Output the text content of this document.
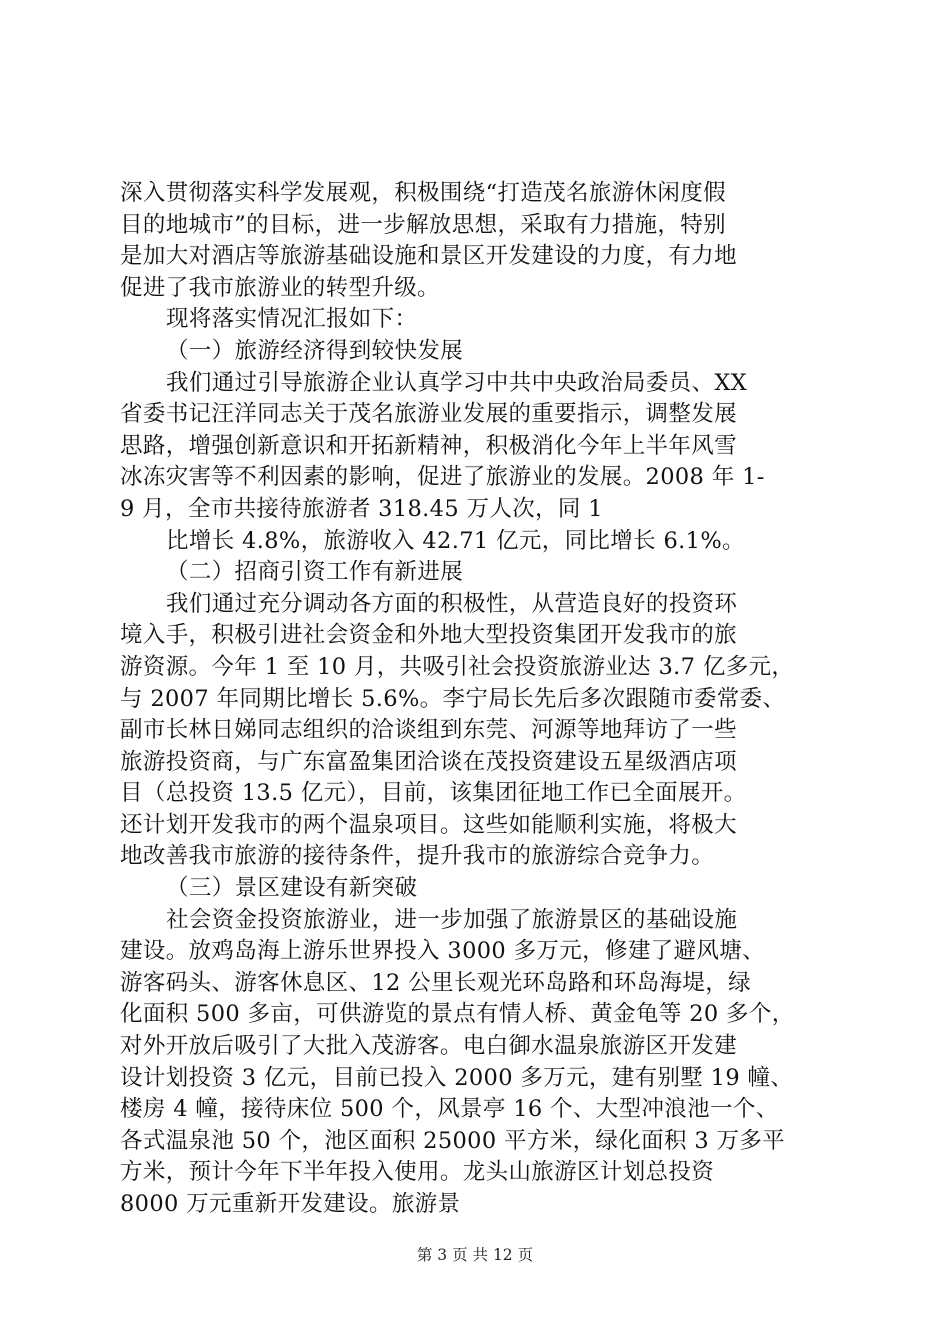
深入贯彻落实科学发展观，积极围绕“打造茂名旅游休闲度假
目的地城市”的目标，进一步解放思想，采取有力措施，特别
是加大对酒店等旅游基础设施和景区开发建设的力度，有力地
促进了我市旅游业的转型升级。
现将落实情况汇报如下：
（一）旅游经济得到较快发展
我们通过引导旅游企业认真学习中共中央政治局委员、XX
省委书记汪洋同志关于茂名旅游业发展的重要指示，调整发展
思路，增强创新意识和开拓新精神，积极消化今年上半年风雪
冰冻灾害等不利因素的影响，促进了旅游业的发展。2008 年 1-
9 月，全市共接待旅游者 318.45 万人次，同 1
比增长 4.8%，旅游收入 42.71 亿元，同比增长 6.1%。
（二）招商引资工作有新进展
我们通过充分调动各方面的积极性，从营造良好的投资环
境入手，积极引进社会资金和外地大型投资集团开发我市的旅
游资源。今年 1 至 10 月，共吸引社会投资旅游业达 3.7 亿多元，
与 2007 年同期比增长 5.6%。李宁局长先后多次跟随市委常委、
副市长林日娣同志组织的洽谈组到东莞、河源等地拜访了一些
旅游投资商，与广东富盈集团洽谈在茂投资建设五星级酒店项
目（总投资 13.5 亿元），目前，该集团征地工作已全面展开。
还计划开发我市的两个温泉项目。这些如能顺利实施，将极大
地改善我市旅游的接待条件，提升我市的旅游综合竞争力。
（三）景区建设有新突破
社会资金投资旅游业，进一步加强了旅游景区的基础设施
建设。放鸡岛海上游乐世界投入 3000 多万元，修建了避风塘、
游客码头、游客休息区、12 公里长观光环岛路和环岛海堤，绿
化面积 500 多亩，可供游览的景点有情人桥、黄金龟等 20 多个，
对外开放后吸引了大批入茂游客。电白御水温泉旅游区开发建
设计划投资 3 亿元，目前已投入 2000 多万元，建有别墅 19 幢、
楼房 4 幢，接待床位 500 个，风景亭 16 个、大型冲浪池一个、
各式温泉池 50 个，池区面积 25000 平方米，绿化面积 3 万多平
方米，预计今年下半年投入使用。龙头山旅游区计划总投资
8000 万元重新开发建设。旅游景
第 3 页 共 12 页
